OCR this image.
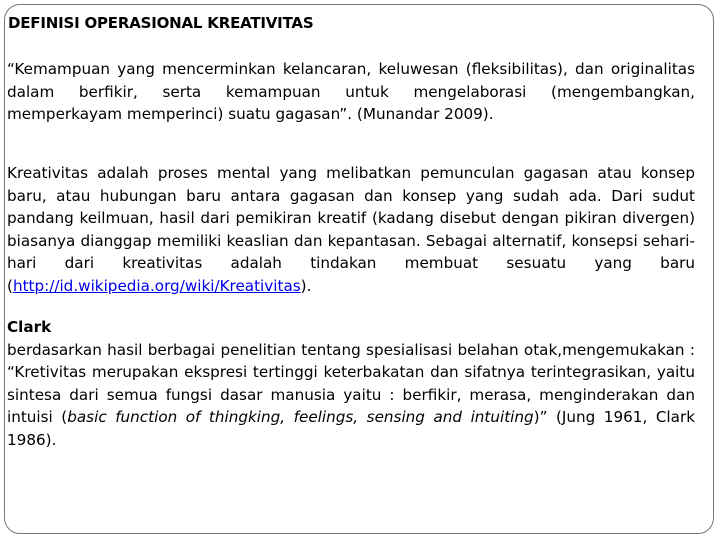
DEFINISI OPERASIONAL KREATIVITAS

“Kemampuan yang mencerminkan kelancaran, keluwesan (fleksibilitas), dan originalitas dalam berfikir, serta kemampuan untuk mengelaborasi (mengembangkan, memperkayam memperinci) suatu gagasan”. (Munandar 2009).

Kreativitas adalah proses mental yang melibatkan pemunculan gagasan atau konsep baru, atau hubungan baru antara gagasan dan konsep yang sudah ada. Dari sudut pandang keilmuan, hasil dari pemikiran kreatif (kadang disebut dengan pikiran divergen) biasanya dianggap memiliki keaslian dan kepantasan. Sebagai alternatif, konsepsi sehari-hari dari kreativitas adalah tindakan membuat sesuatu yang baru (http://id.wikipedia.org/wiki/Kreativitas).

Clark
berdasarkan hasil berbagai penelitian tentang spesialisasi belahan otak,mengemukakan : “Kretivitas merupakan ekspresi tertinggi keterbakatan dan sifatnya terintegrasikan, yaitu sintesa dari semua fungsi dasar manusia yaitu : berfikir, merasa, menginderakan dan intuisi (basic function of thingking, feelings, sensing and intuiting)” (Jung 1961, Clark 1986).
